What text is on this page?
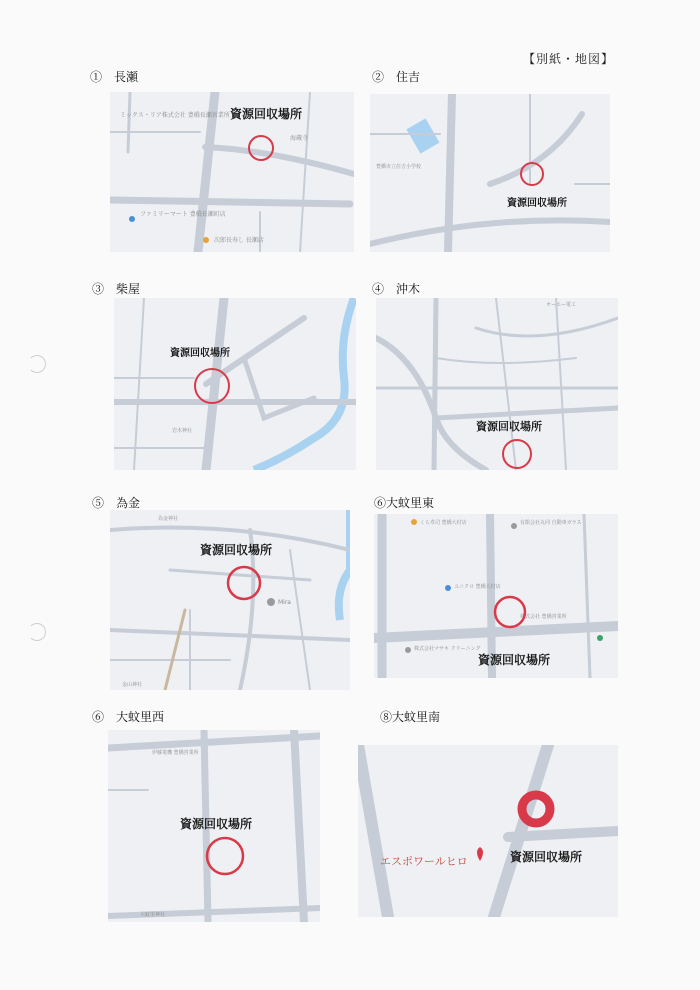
【別紙・地図】
①　長瀬
ミックス・リア株式会社 豊橋長瀬営業所
ファミリーマート 豊橋長瀬町店
次郎長寿し 長瀬店
海蔵寺
資源回収場所
②　住吉
豊橋市立住吉小学校
資源回収場所
③　柴屋
岩木神社
資源回収場所
④　沖木
オーエー電工
資源回収場所
⑤　為金
為金神社
金山神社
Mira
資源回収場所
⑥大蚊里東
くら寿司 豊橋大村店	有限会社丸同 自動車ガラス
ユニクロ 豊橋大村店
株式会社 豊橋営業所
株式会社マサキ クリーニング
資源回収場所
⑥　大蚊里西
伊藤電機 豊橋営業所
大蚊里神社
資源回収場所
⑧大蚊里南
エスポワールヒロ	資源回収場所
